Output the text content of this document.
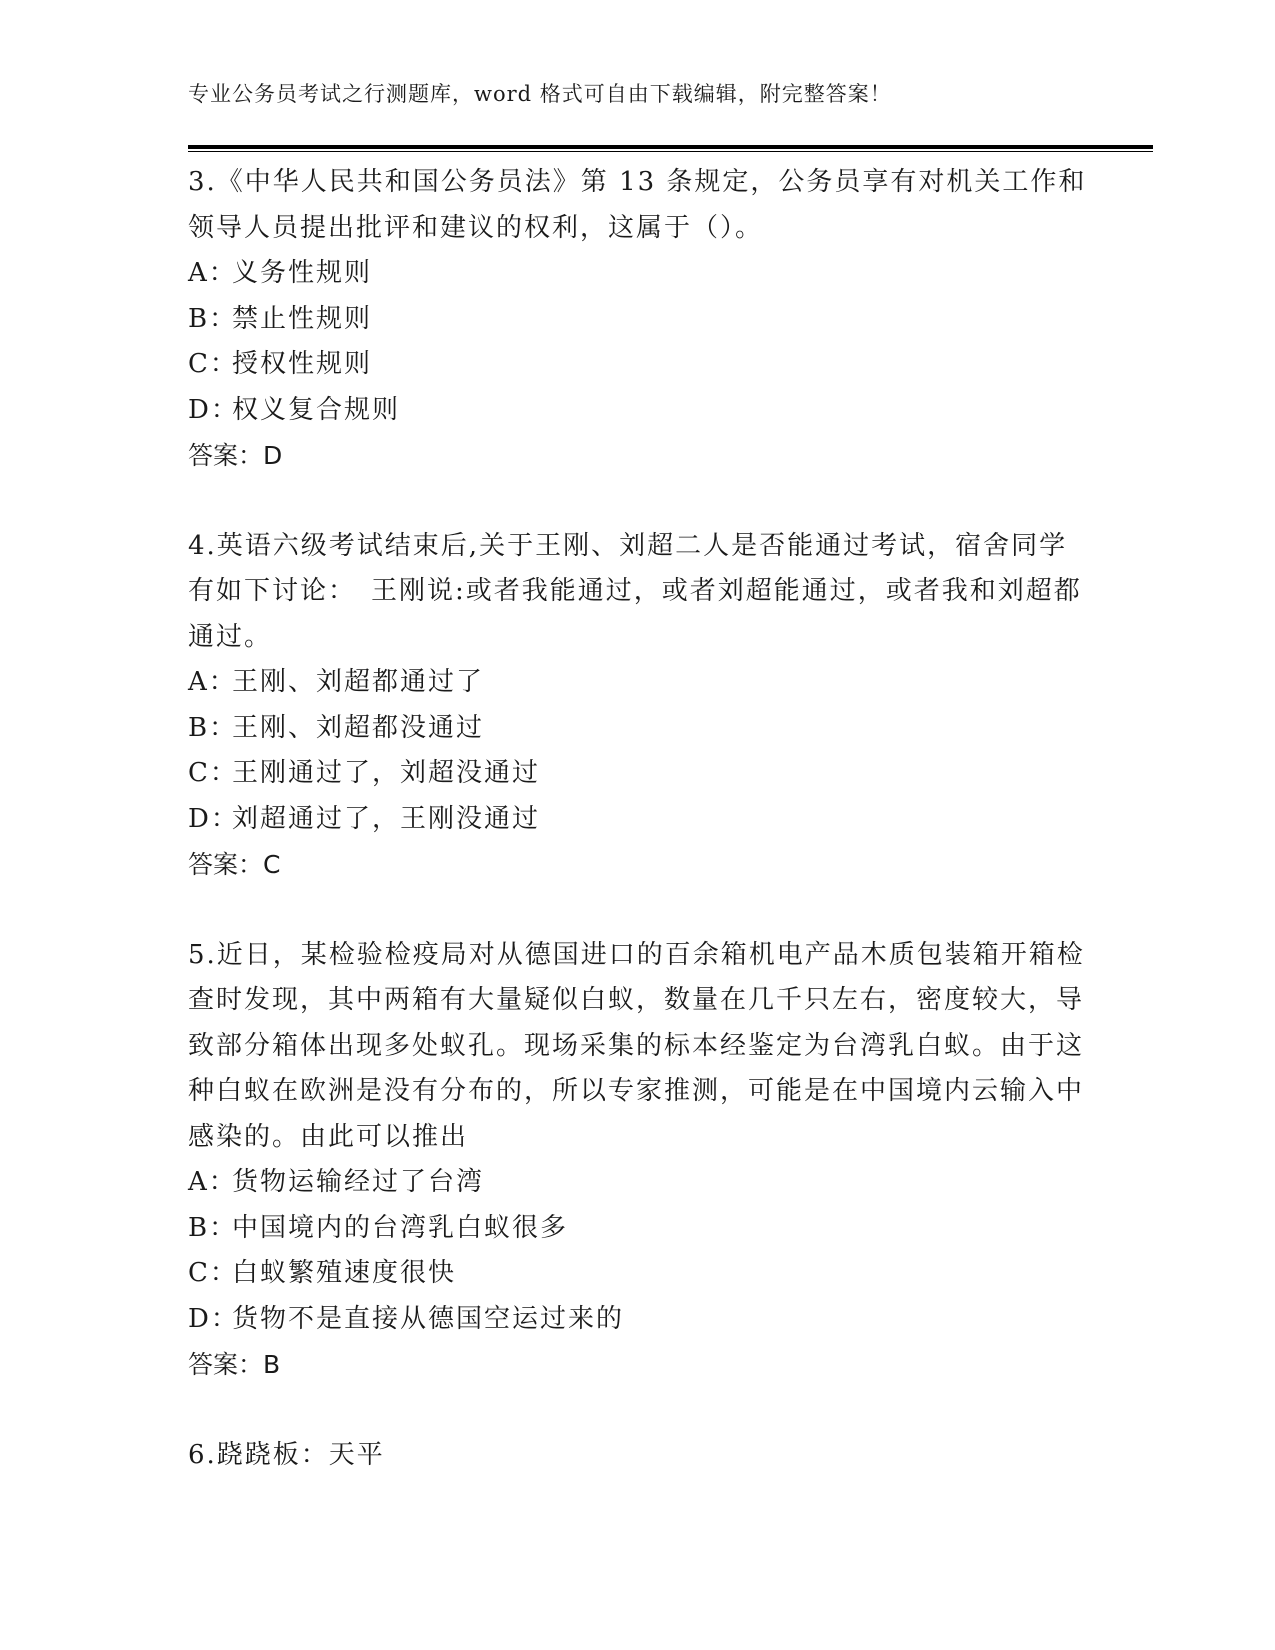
专业公务员考试之行测题库，word 格式可自由下载编辑，附完整答案！

3.《中华人民共和国公务员法》第 13 条规定，公务员享有对机关工作和领导人员提出批评和建议的权利，这属于（）。

A：
义务性规则
B：
禁止性规则
C：
授权性规则
D：
权义复合规则
答案：D

4.英语六级考试结束后,关于王刚、刘超二人是否能通过考试，宿舍同学有如下讨论：　王刚说:或者我能通过，或者刘超能通过，或者我和刘超都通过。

A：
王刚、刘超都通过了
B：
王刚、刘超都没通过
C：
王刚通过了，刘超没通过
D：
刘超通过了，王刚没通过
答案：C

5.近日，某检验检疫局对从德国进口的百余箱机电产品木质包装箱开箱检查时发现，其中两箱有大量疑似白蚁，数量在几千只左右，密度较大，导致部分箱体出现多处蚁孔。现场采集的标本经鉴定为台湾乳白蚁。由于这种白蚁在欧洲是没有分布的，所以专家推测，可能是在中国境内云输入中感染的。由此可以推出

A：
货物运输经过了台湾
B：
中国境内的台湾乳白蚁很多
C：
白蚁繁殖速度很快
D：
货物不是直接从德国空运过来的
答案：B

6.跷跷板：天平
